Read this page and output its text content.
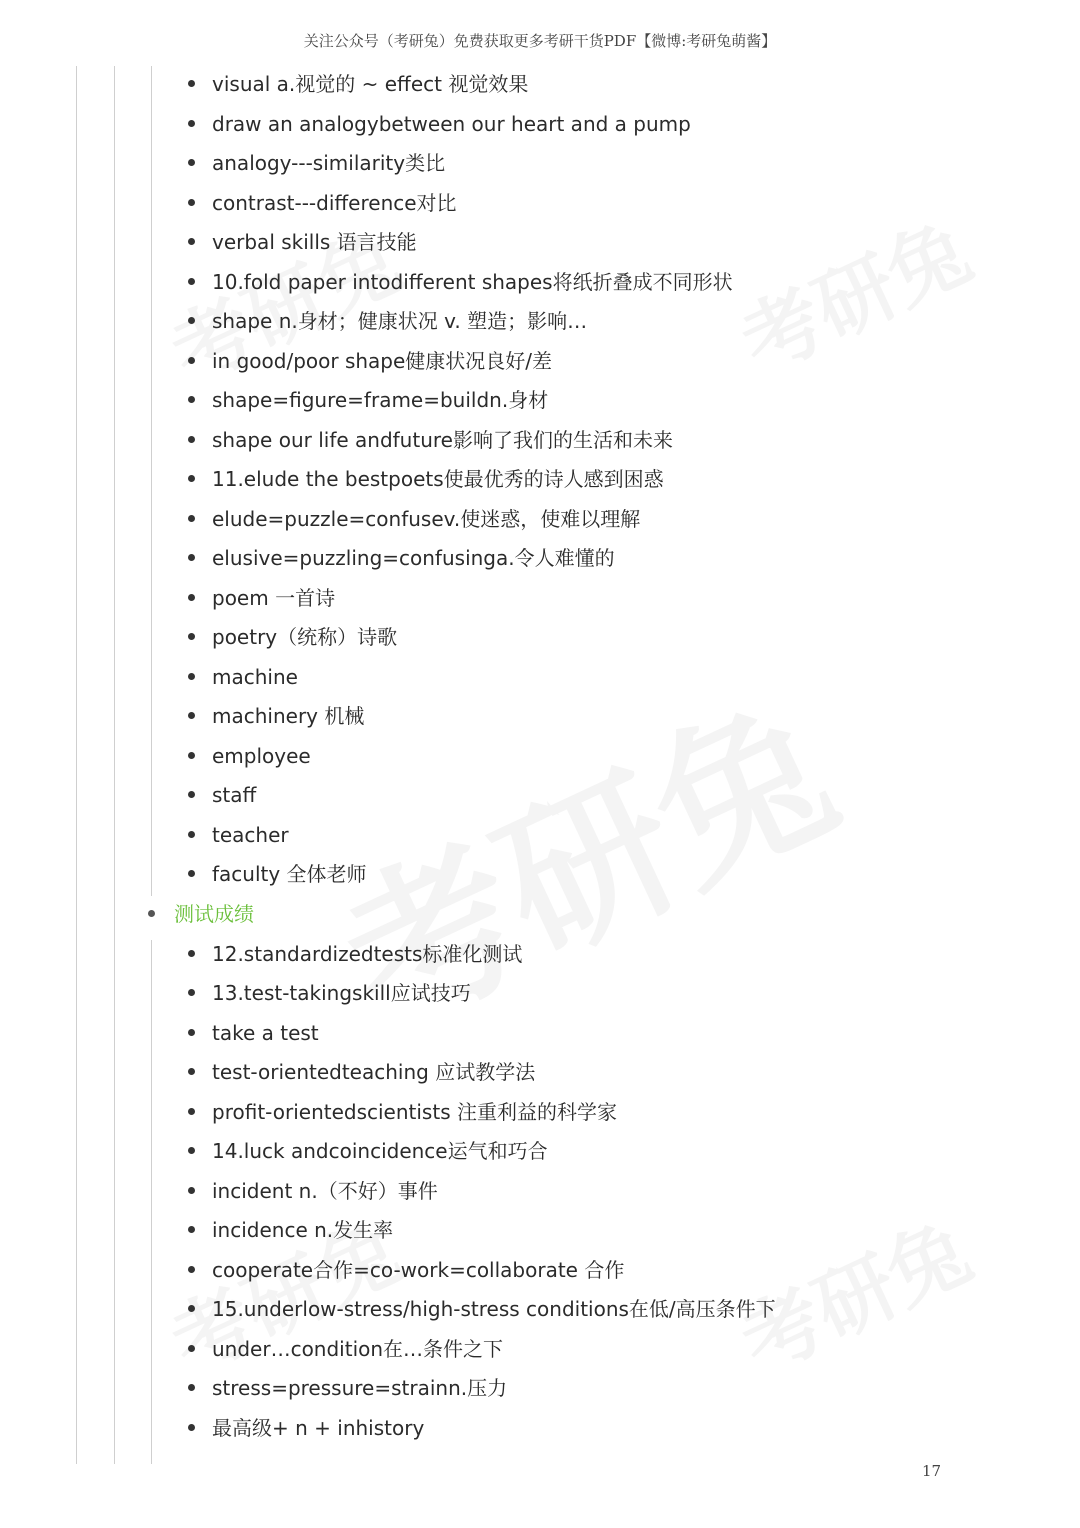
关注公众号（考研兔）免费获取更多考研干货PDF【微博:考研兔萌酱】
visual a.视觉的 ~ effect 视觉效果
draw an analogybetween our heart and a pump
analogy---similarity类比
contrast---difference对比
verbal skills 语言技能
10.fold paper intodifferent shapes将纸折叠成不同形状
shape n.身材；健康状况 v. 塑造；影响…
in good/poor shape健康状况良好/差
shape=figure=frame=buildn.身材
shape our life andfuture影响了我们的生活和未来
11.elude the bestpoets使最优秀的诗人感到困惑
elude=puzzle=confusev.使迷惑，使难以理解
elusive=puzzling=confusinga.令人难懂的
poem 一首诗
poetry（统称）诗歌
machine
machinery 机械
employee
staff
teacher
faculty 全体老师
测试成绩
12.standardizedtests标准化测试
13.test-takingskill应试技巧
take a test
test-orientedteaching 应试教学法
profit-orientedscientists 注重利益的科学家
14.luck andcoincidence运气和巧合
incident n.（不好）事件
incidence n.发生率
cooperate合作=co-work=collaborate 合作
15.underlow-stress/high-stress conditions在低/高压条件下
under…condition在…条件之下
stress=pressure=strainn.压力
最高级+ n + inhistory
17
